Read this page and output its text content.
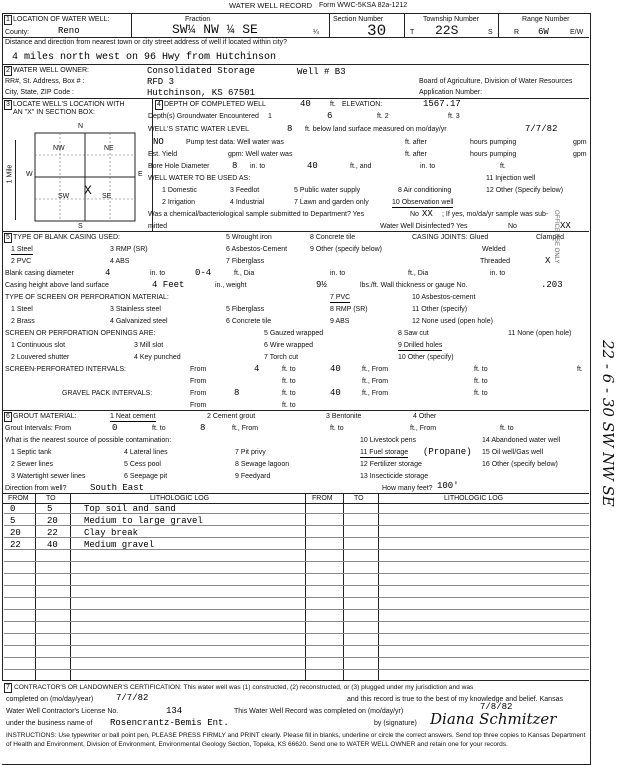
WATER WELL RECORD Form WWC-5 KSA 82a-1212
1 LOCATION OF WATER WELL:
County:	Reno
Fraction
SW¼ NW ¼ SE	¼
Section Number
30
Township Number
T 22S	S
Range Number
R 6W	E/W
Distance and direction from nearest town or city street address of well if located within city?
4 miles north west on 96 Hwy from Hutchinson
2 WATER WELL OWNER:
RR#, St. Address, Box # :
City, State, ZIP Code :
Consolidated Storage	Well # B3
RFD 3
Hutchinson, KS 67501
Board of Agriculture, Division of Water Resources
Application Number:
3 LOCATE WELL'S LOCATION WITH
AN "X" IN SECTION BOX:
N
S
W	E
1 Mile
NW	NE
SW	SE
X
4 DEPTH OF COMPLETED WELL	40	ft. ELEVATION:	1567.17
Depth(s) Groundwater Encountered 1	6	ft. 2	ft. 3
WELL'S STATIC WATER LEVEL	8 ft. below land surface measured on mo/day/yr	7/7/82
NO	Pump test data: Well water was	ft. after	hours pumping	gpm
Est. Yield	gpm: Well water was	ft. after	hours pumping	gpm
Bore Hole Diameter	8 in. to	40	ft., and	in. to	ft.
WELL WATER TO BE USED AS:
1 Domestic	3 Feedlot	5 Public water supply	8 Air conditioning
11 Injection well
2 Irrigation	4 Industrial
12 Other (Specify below)
7 Lawn and garden only	10 Observation well
Was a chemical/bacteriological sample submitted to Department? Yes	No XX ; If yes, mo/da/yr sample was sub-
mitted	Water Well Disinfected? Yes	No	XX
5 TYPE OF BLANK CASING USED:
1 Steel	3 RMP (SR)
5 Wrought iron	8 Concrete tile
2 PVC	4 ABS
6 Asbestos-Cement	9 Other (specify below)
7 Fiberglass
CASING JOINTS: Glued	Clamped
Welded
Threaded	X
Blank casing diameter	4	in. to	0-4	ft., Dia	in. to	ft., Dia	in. to
Casing height above land surface	4 Feet	in., weight	9½	lbs./ft. Wall thickness or gauge No.	.203
TYPE OF SCREEN OR PERFORATION MATERIAL:
1 Steel	3 Stainless steel	5 Fiberglass
7 PVC	10 Asbestos-cement
2 Brass	4 Galvanized steel	6 Concrete tile
8 RMP (SR)	11 Other (specify)
9 ABS	12 None used (open hole)
SCREEN OR PERFORATION OPENINGS ARE:	5 Gauzed wrapped	8 Saw cut	11 None (open hole)
1 Continuous slot	3 Mill slot	6 Wire wrapped	9 Drilled holes
2 Louvered shutter	4 Key punched	7 Torch cut	10 Other (specify)
SCREEN-PERFORATED INTERVALS:	From	4	ft. to	40	ft., From	ft. to	ft.
From	ft. to	ft., From	ft. to
GRAVEL PACK INTERVALS:	From	8	ft. to	40	ft., From	ft. to
From	ft. to
6 GROUT MATERIAL:	1 Neat cement	2 Cement grout	3 Bentonite	4 Other
Grout Intervals: From	0	ft. to	8	ft., From	ft. to	ft., From	ft. to
What is the nearest source of possible contamination:	10 Livestock pens	14 Abandoned water well
1 Septic tank	4 Lateral lines	7 Pit privy	11 Fuel storage (Propane) 15 Oil well/Gas well
2 Sewer lines	5 Cess pool	8 Sewage lagoon	12 Fertilizer storage	16 Other (specify below)
3 Watertight sewer lines	6 Seepage pit	9 Feedyard	13 Insecticide storage
Direction from well?	South East	How many feet? 100'
FROM TO	LITHOLOGIC LOG	FROM	TO	LITHOLOGIC LOG
0	5	Top soil and sand
5	20	Medium to large gravel
20	22	Clay break
22	40	Medium gravel
7 CONTRACTOR'S OR LANDOWNER'S CERTIFICATION: This water well was (1) constructed, (2) reconstructed, or (3) plugged under my jurisdiction and was
completed on (mo/day/year)	7/7/82	and this record is true to the best of my knowledge and belief. Kansas
Water Well Contractor's License No.	134	This Water Well Record was completed on (mo/day/yr)	7/8/82
under the business name of Rosencrantz-Bemis Ent.	by (signature) Diana Schmitzer
INSTRUCTIONS: Use typewriter or ball point pen, PLEASE PRESS FIRMLY and PRINT clearly. Please fill in blanks, underline or circle the correct answers. Send top three copies to Kansas Department of Health and Environment, Division of Environment, Environmental Geology Section, Topeka, KS 66620. Send one to WATER WELL OWNER and retain one for your records.
OFFICE USE ONLY
22 - 6 - 30 SW NW SE
